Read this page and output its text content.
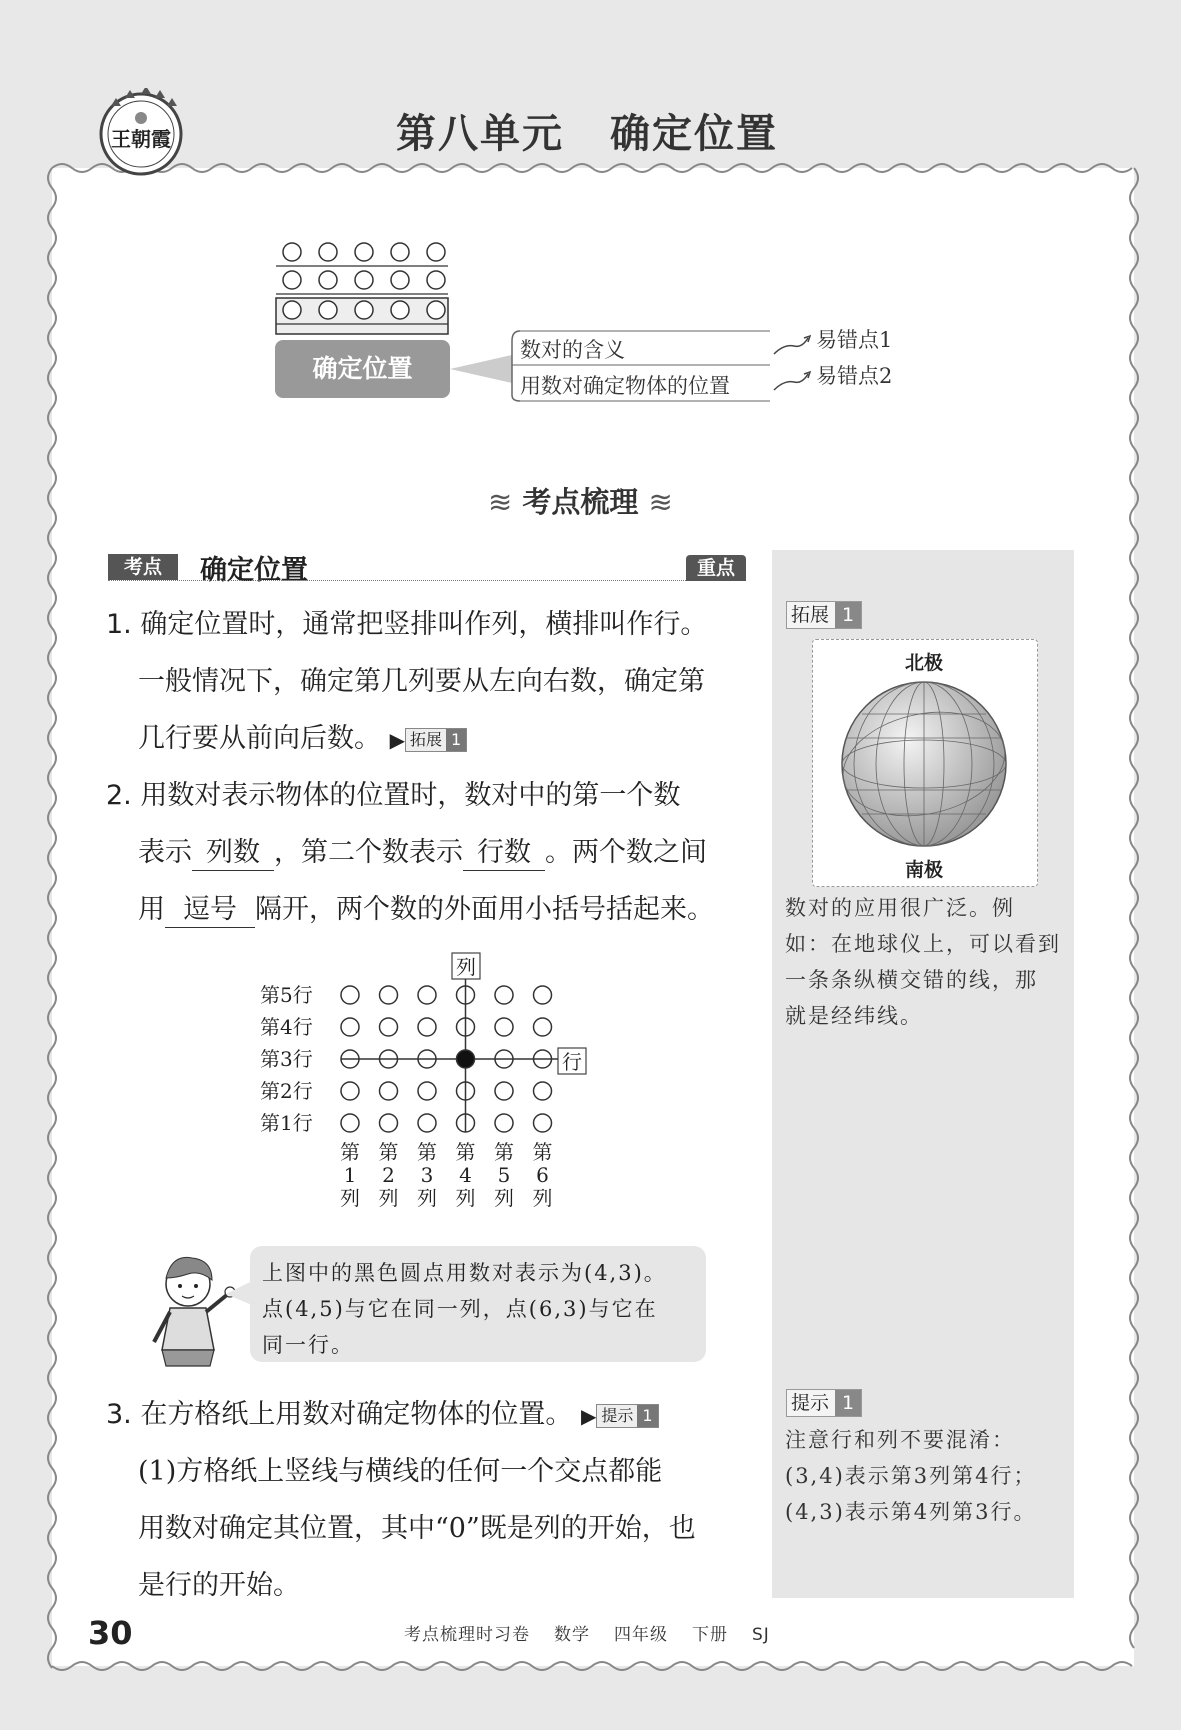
王朝霞	第八单元 确定位置
确定位置
数对的含义
用数对确定物体的位置
易错点1
易错点2
≋ 考点梳理 ≋
考点	确定位置	重点
1. 确定位置时，通常把竖排叫作列，横排叫作行。
一般情况下，确定第几列要从左向右数，确定第
几行要从前向后数。 ▶ 拓展 1
2. 用数对表示物体的位置时，数对中的第一个数
表示 列数 ，第二个数表示 行数 。两个数之间
用 逗号 隔开，两个数的外面用小括号括起来。
列
行
第5行
第4行
第3行
第2行
第1行
第
1
列
第
2
列
第
3
列
第
4
列
第
5
列
第
6
列
上图中的黑色圆点用数对表示为(4,3)。
点(4,5)与它在同一列，点(6,3)与它在
同一行。
3. 在方格纸上用数对确定物体的位置。 ▶ 提示 1
(1)方格纸上竖线与横线的任何一个交点都能
用数对确定其位置，其中“0”既是列的开始，也
是行的开始。
拓展 1
北极
南极
数对的应用很广泛。例
如：在地球仪上，可以看到
一条条纵横交错的线，那
就是经纬线。
提示 1
注意行和列不要混淆：
(3,4)表示第3列第4行；
(4,3)表示第4列第3行。
30	考点梳理时习卷 数学 四年级 下册 SJ
